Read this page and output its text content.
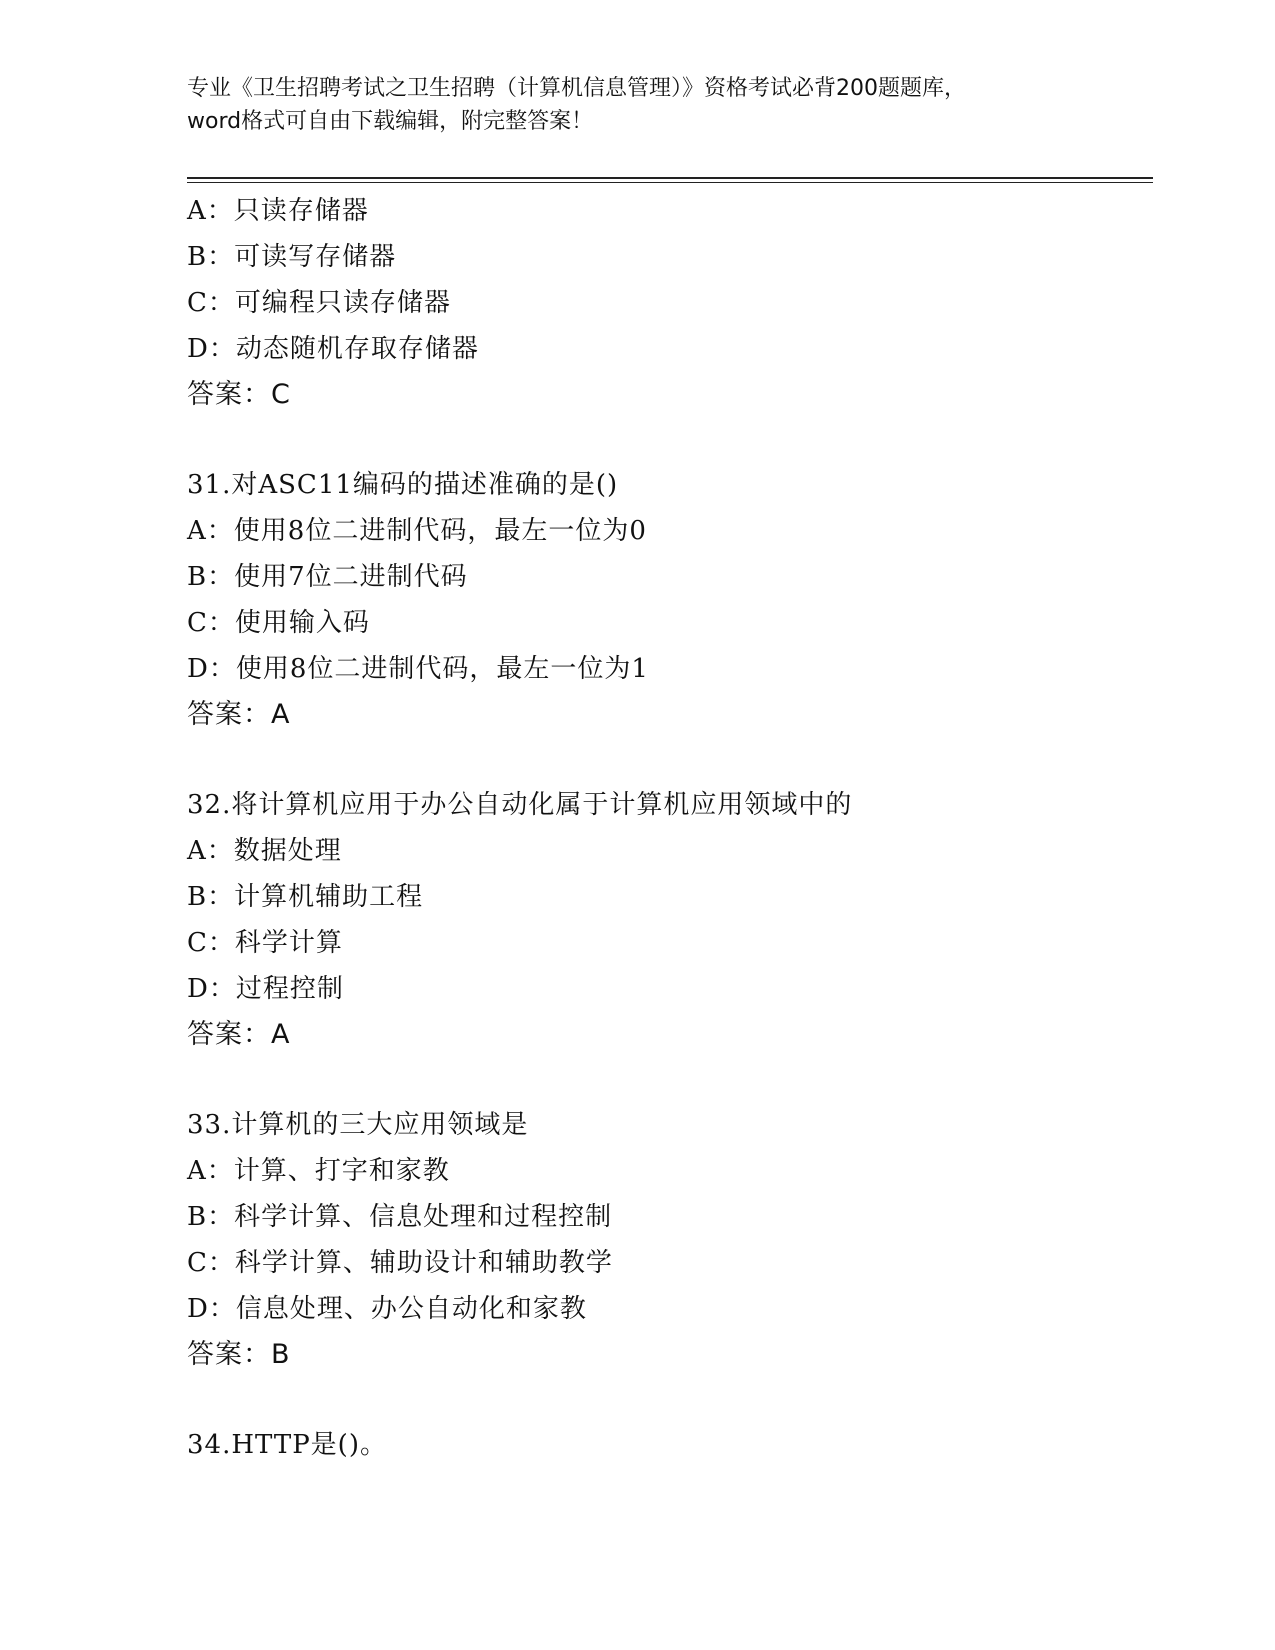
专业《卫生招聘考试之卫生招聘（计算机信息管理）》资格考试必背200题题库，
word格式可自由下载编辑，附完整答案！
A：只读存储器
B：可读写存储器
C：可编程只读存储器
D：动态随机存取存储器
答案：C
31.对ASC11编码的描述准确的是()
A：使用8位二进制代码，最左一位为0
B：使用7位二进制代码
C：使用输入码
D：使用8位二进制代码，最左一位为1
答案：A
32.将计算机应用于办公自动化属于计算机应用领域中的
A：数据处理
B：计算机辅助工程
C：科学计算
D：过程控制
答案：A
33.计算机的三大应用领域是
A：计算、打字和家教
B：科学计算、信息处理和过程控制
C：科学计算、辅助设计和辅助教学
D：信息处理、办公自动化和家教
答案：B
34.HTTP是()。
